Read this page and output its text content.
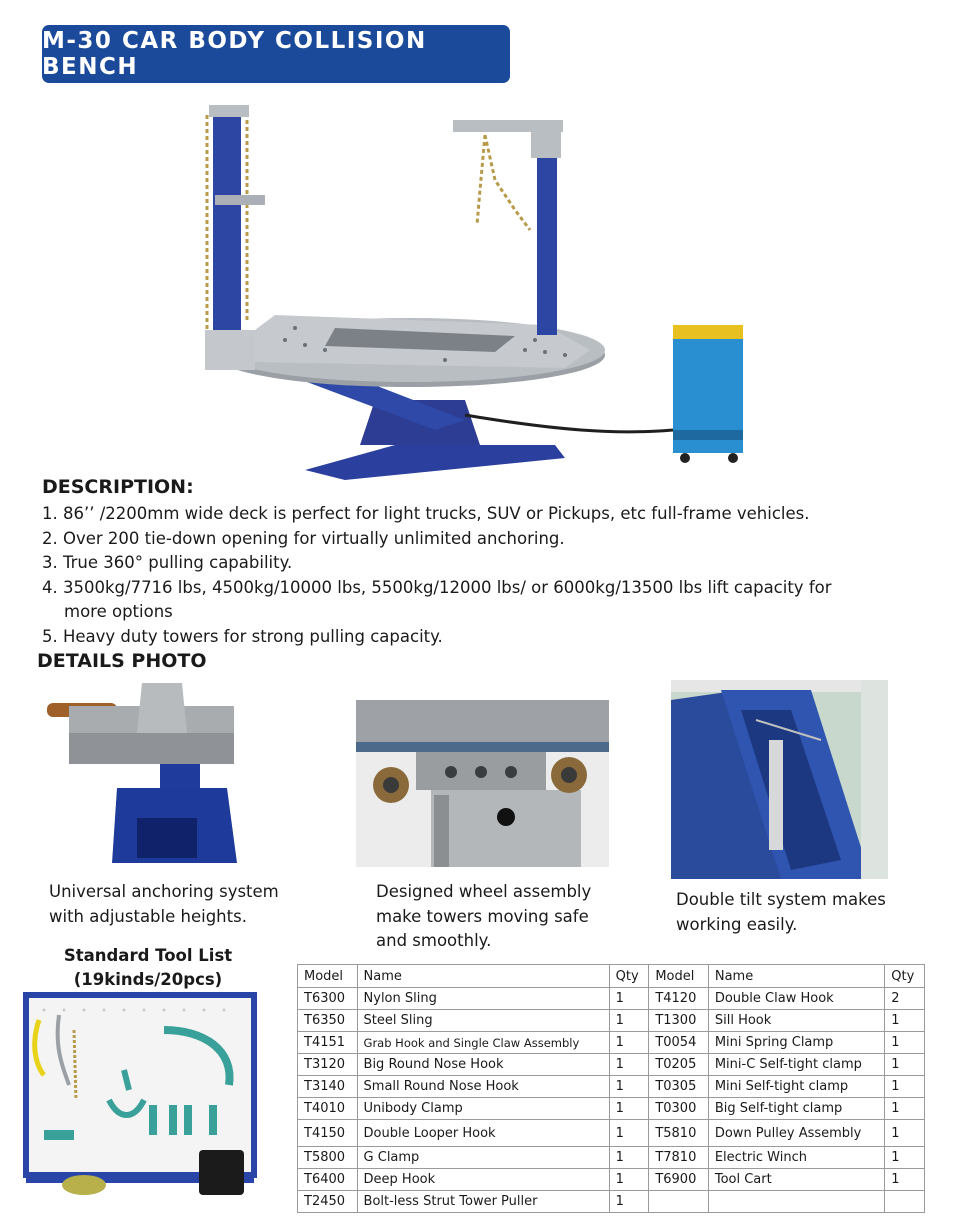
M-30 CAR BODY COLLISION BENCH
DESCRIPTION:
1. 86’’ /2200mm wide deck is perfect for light trucks, SUV or Pickups, etc full-frame vehicles.
2. Over 200 tie-down opening for virtually unlimited anchoring.
3. True 360° pulling capability.
4. 3500kg/7716 lbs, 4500kg/10000 lbs, 5500kg/12000 lbs/ or 6000kg/13500 lbs lift capacity for
more options
5. Heavy duty towers for strong pulling capacity.
DETAILS PHOTO
Universal anchoring system
with adjustable heights.
Designed wheel assembly
make towers moving safe
and smoothly.
Double tilt system makes
working easily.
Standard Tool List
(19kinds/20pcs)	Model	Name	Qty	Model	Name	Qty
T6300	Nylon Sling	1	T4120	Double Claw Hook	2
T6350	Steel Sling	1	T1300	Sill Hook	1
T4151	Grab Hook and Single Claw Assembly	1	T0054	Mini Spring Clamp	1
T3120	Big Round Nose Hook	1	T0205	Mini-C Self-tight clamp	1
T3140	Small Round Nose Hook	1	T0305	Mini Self-tight clamp	1
T4010	Unibody Clamp	1	T0300	Big Self-tight clamp	1
T4150	Double Looper Hook	1	T5810	Down Pulley Assembly	1
T5800	G Clamp	1	T7810	Electric Winch	1
T6400	Deep Hook	1	T6900	Tool Cart	1
T2450	Bolt-less Strut Tower Puller	1			
